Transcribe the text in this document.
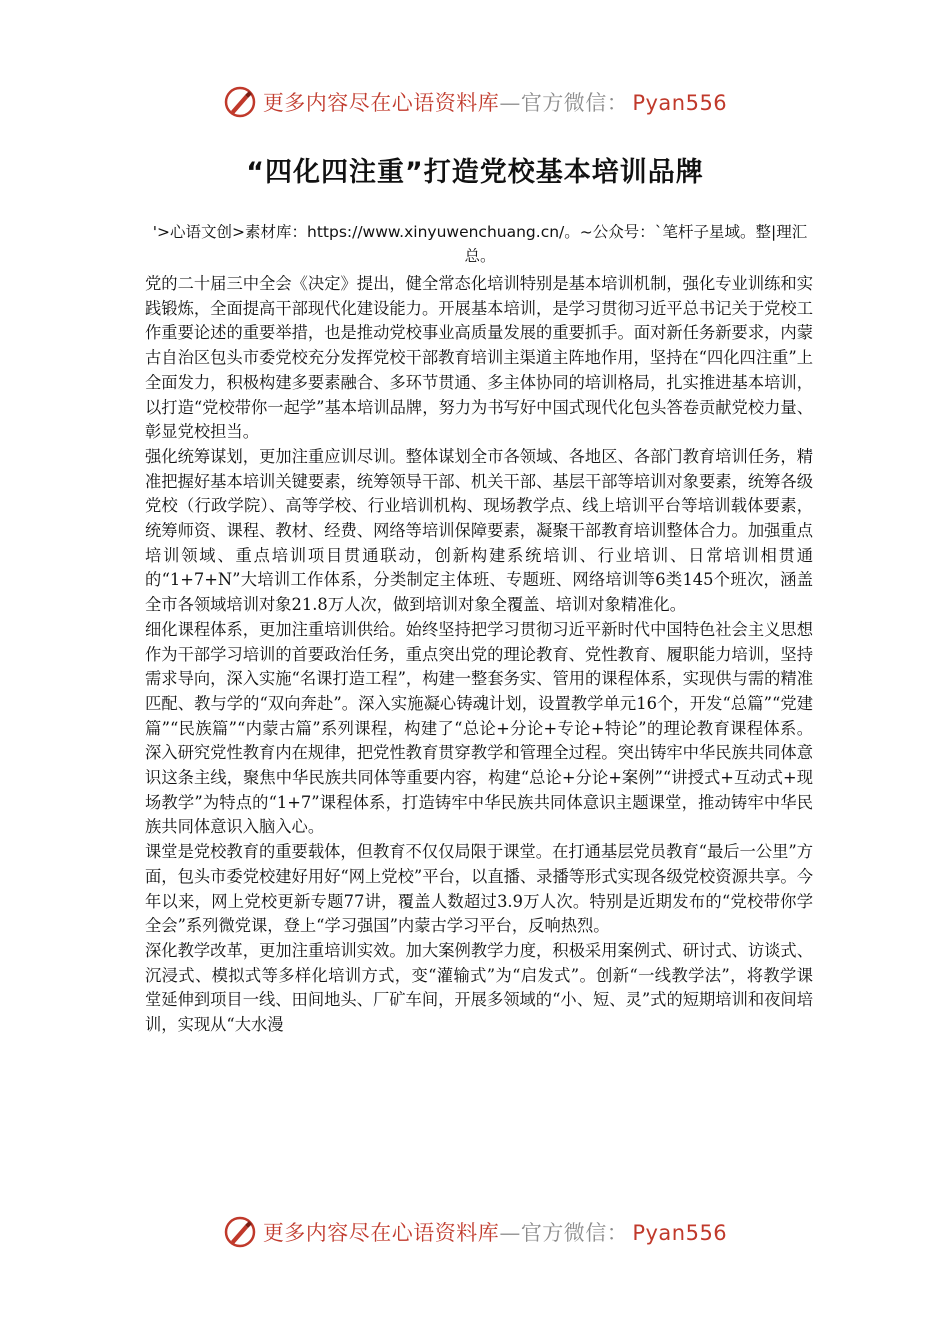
更多内容尽在心语资料库—官方微信： Pyan556
“四化四注重”打造党校基本培训品牌
'>心语文创>素材库：https://www.xinyuwenchuang.cn/。~公众号：`笔杆子星域。整|理汇总。

党的二十届三中全会《决定》提出，健全常态化培训特别是基本培训机制，强化专业训练和实践锻炼，全面提高干部现代化建设能力。开展基本培训，是学习贯彻习近平总书记关于党校工作重要论述的重要举措，也是推动党校事业高质量发展的重要抓手。面对新任务新要求，内蒙古自治区包头市委党校充分发挥党校干部教育培训主渠道主阵地作用，坚持在“四化四注重”上全面发力，积极构建多要素融合、多环节贯通、多主体协同的培训格局，扎实推进基本培训，以打造“党校带你一起学”基本培训品牌，努力为书写好中国式现代化包头答卷贡献党校力量、彰显党校担当。

强化统筹谋划，更加注重应训尽训。整体谋划全市各领域、各地区、各部门教育培训任务，精准把握好基本培训关键要素，统筹领导干部、机关干部、基层干部等培训对象要素，统筹各级党校（行政学院）、高等学校、行业培训机构、现场教学点、线上培训平台等培训载体要素，统筹师资、课程、教材、经费、网络等培训保障要素，凝聚干部教育培训整体合力。加强重点培训领域、重点培训项目贯通联动，创新构建系统培训、行业培训、日常培训相贯通的“1+7+N”大培训工作体系，分类制定主体班、专题班、网络培训等6类145个班次，涵盖全市各领域培训对象21.8万人次，做到培训对象全覆盖、培训对象精准化。

细化课程体系，更加注重培训供给。始终坚持把学习贯彻习近平新时代中国特色社会主义思想作为干部学习培训的首要政治任务，重点突出党的理论教育、党性教育、履职能力培训，坚持需求导向，深入实施“名课打造工程”，构建一整套务实、管用的课程体系，实现供与需的精准匹配、教与学的“双向奔赴”。深入实施凝心铸魂计划，设置教学单元16个，开发“总篇”“党建篇”“民族篇”“内蒙古篇”系列课程，构建了“总论+分论+专论+特论”的理论教育课程体系。深入研究党性教育内在规律，把党性教育贯穿教学和管理全过程。突出铸牢中华民族共同体意识这条主线，聚焦中华民族共同体等重要内容，构建“总论+分论+案例”“讲授式+互动式+现场教学”为特点的“1+7”课程体系，打造铸牢中华民族共同体意识主题课堂，推动铸牢中华民族共同体意识入脑入心。

课堂是党校教育的重要载体，但教育不仅仅局限于课堂。在打通基层党员教育“最后一公里”方面，包头市委党校建好用好“网上党校”平台，以直播、录播等形式实现各级党校资源共享。今年以来，网上党校更新专题77讲，覆盖人数超过3.9万人次。特别是近期发布的“党校带你学全会”系列微党课，登上“学习强国”内蒙古学习平台，反响热烈。

深化教学改革，更加注重培训实效。加大案例教学力度，积极采用案例式、研讨式、访谈式、沉浸式、模拟式等多样化培训方式，变“灌输式”为“启发式”。创新“一线教学法”，将教学课堂延伸到项目一线、田间地头、厂矿车间，开展多领域的“小、短、灵”式的短期培训和夜间培训，实现从“大水漫

更多内容尽在心语资料库—官方微信： Pyan556
